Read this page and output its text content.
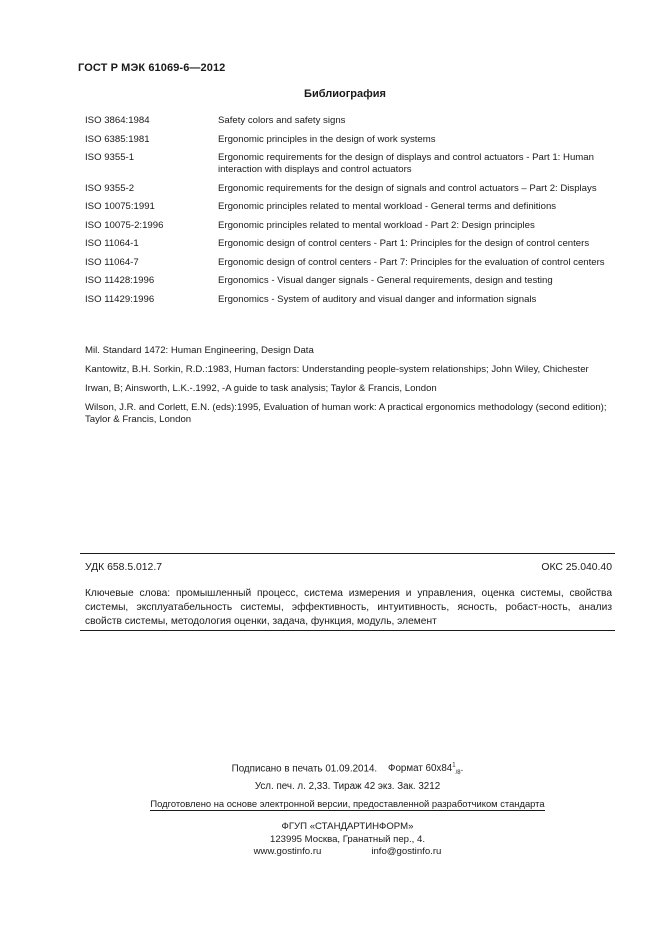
ГОСТ Р МЭК 61069-6—2012
Библиография
ISO 3864:1984	Safety colors and safety signs
ISO 6385:1981	Ergonomic principles in the design of work systems
ISO 9355-1	Ergonomic requirements for the design of displays and control actuators - Part 1: Human interaction with displays and control actuators
ISO 9355-2	Ergonomic requirements for the design of signals and control actuators – Part 2: Displays
ISO 10075:1991	Ergonomic principles related to mental workload - General terms and definitions
ISO 10075-2:1996	Ergonomic principles related to mental workload - Part 2: Design principles
ISO 11064-1	Ergonomic design of control centers - Part 1: Principles for the design of control centers
ISO 11064-7	Ergonomic design of control centers - Part 7: Principles for the evaluation of control centers
ISO 11428:1996	Ergonomics - Visual danger signals - General requirements, design and testing
ISO 11429:1996	Ergonomics - System of auditory and visual danger and information signals
Mil. Standard 1472: Human Engineering, Design Data
Kantowitz, B.H. Sorkin, R.D.:1983, Human factors: Understanding people-system relationships; John Wiley, Chichester
Irwan, B; Ainsworth, L.K.-.1992, -A guide to task analysis; Taylor & Francis, London
Wilson, J.R. and Corlett, E.N. (eds):1995, Evaluation of human work: A practical ergonomics methodology (second edition); Taylor & Francis, London
УДК 658.5.012.7	ОКС 25.040.40
Ключевые слова: промышленный процесс, система измерения и управления, оценка системы, свойства системы, эксплуатабельность системы, эффективность, интуитивность, ясность, робаст-ность, анализ свойств системы, методология оценки, задача, функция, модуль, элемент
Подписано в печать 01.09.2014. Формат $60x84^1_{/8}$.
Усл. печ. л. 2,33. Тираж 42 экз. Зак. 3212
Подготовлено на основе электронной версии, предоставленной разработчиком стандарта
ФГУП «СТАНДАРТИНФОРМ»
123995 Москва, Гранатный пер., 4.
www.gostinfo.ru	info@gostinfo.ru
